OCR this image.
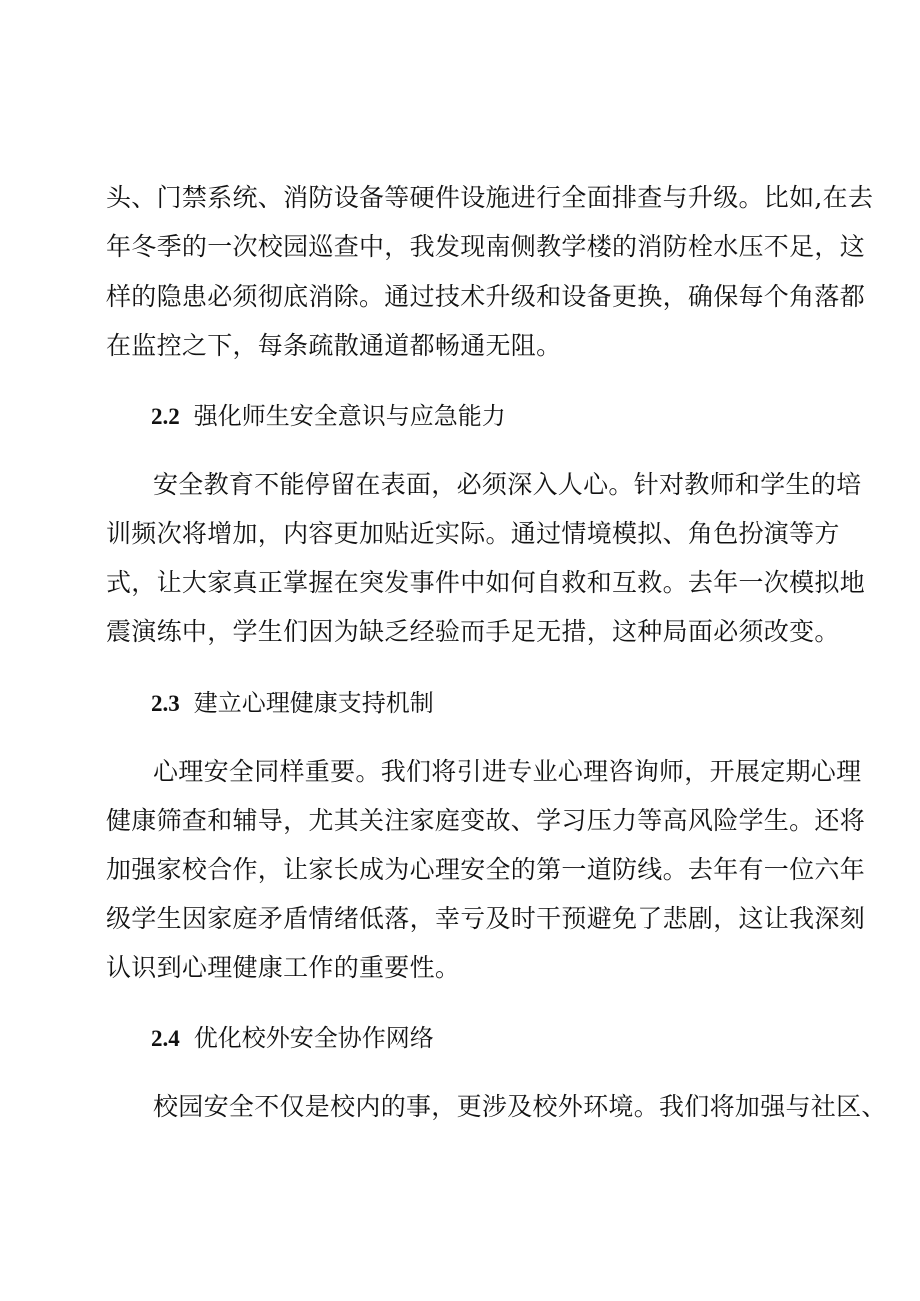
头、门禁系统、消防设备等硬件设施进行全面排查与升级。比如,在去
年冬季的一次校园巡查中，我发现南侧教学楼的消防栓水压不足，这
样的隐患必须彻底消除。通过技术升级和设备更换，确保每个角落都
在监控之下，每条疏散通道都畅通无阻。
2.2 强化师生安全意识与应急能力
安全教育不能停留在表面，必须深入人心。针对教师和学生的培
训频次将增加，内容更加贴近实际。通过情境模拟、角色扮演等方
式，让大家真正掌握在突发事件中如何自救和互救。去年一次模拟地
震演练中，学生们因为缺乏经验而手足无措，这种局面必须改变。
2.3 建立心理健康支持机制
心理安全同样重要。我们将引进专业心理咨询师，开展定期心理
健康筛查和辅导，尤其关注家庭变故、学习压力等高风险学生。还将
加强家校合作，让家长成为心理安全的第一道防线。去年有一位六年
级学生因家庭矛盾情绪低落，幸亏及时干预避免了悲剧，这让我深刻
认识到心理健康工作的重要性。
2.4 优化校外安全协作网络
校园安全不仅是校内的事，更涉及校外环境。我们将加强与社区、
